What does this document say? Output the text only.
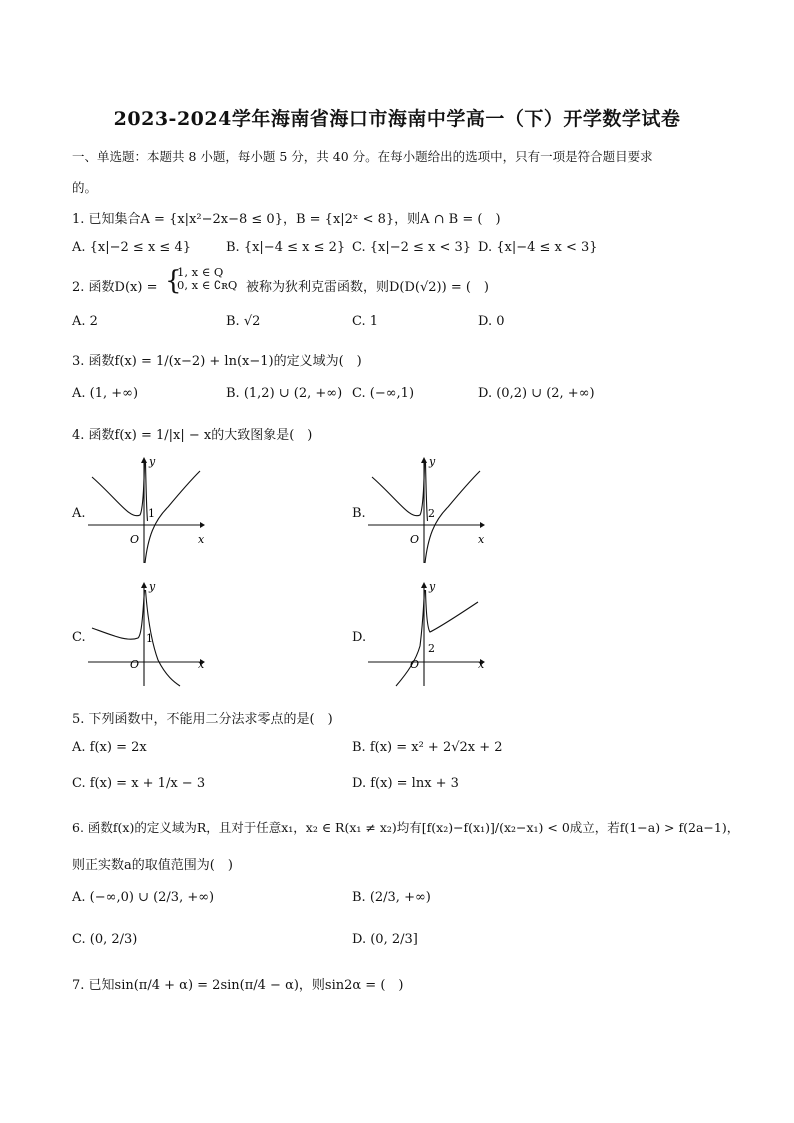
2023-2024学年海南省海口市海南中学高一（下）开学数学试卷
一、单选题：本题共 8 小题，每小题 5 分，共 40 分。在每小题给出的选项中，只有一项是符合题目要求
的。
1. 已知集合A = {x|x²−2x−8 ≤ 0}，B = {x|2ˣ < 8}，则A ∩ B = (　)
A. {x|−2 ≤ x ≤ 4}	B. {x|−4 ≤ x ≤ 2} C. {x|−2 ≤ x < 3} D. {x|−4 ≤ x < 3}
2. 函数D(x) = {
1, x ∈ Q
0, x ∈ ∁ʀQ 被称为狄利克雷函数，则D(D(√2)) = (　)
A. 2	B. √2	C. 1	D. 0
3. 函数f(x) = 1/(x−2) + ln(x−1)的定义域为(　)
A. (1, +∞)	B. (1,2) ∪ (2, +∞) C. (−∞,1)	D. (0,2) ∪ (2, +∞)
4. 函数f(x) = 1/|x| − x的大致图象是(　)
A.
y
x
O
1	B.
y
x
O
2
C.
y
x
O
1	D.
y
x
O
2
5. 下列函数中，不能用二分法求零点的是(　)
A. f(x) = 2x	B. f(x) = x² + 2√2x + 2
C. f(x) = x + 1/x − 3	D. f(x) = lnx + 3
6. 函数f(x)的定义域为R，且对于任意x₁，x₂ ∈ R(x₁ ≠ x₂)均有[f(x₂)−f(x₁)]/(x₂−x₁) < 0成立，若f(1−a) > f(2a−1)，
则正实数a的取值范围为(　)
A. (−∞,0) ∪ (2/3, +∞)	B. (2/3, +∞)
C. (0, 2/3)	D. (0, 2/3]
7. 已知sin(π/4 + α) = 2sin(π/4 − α)，则sin2α = (　)
